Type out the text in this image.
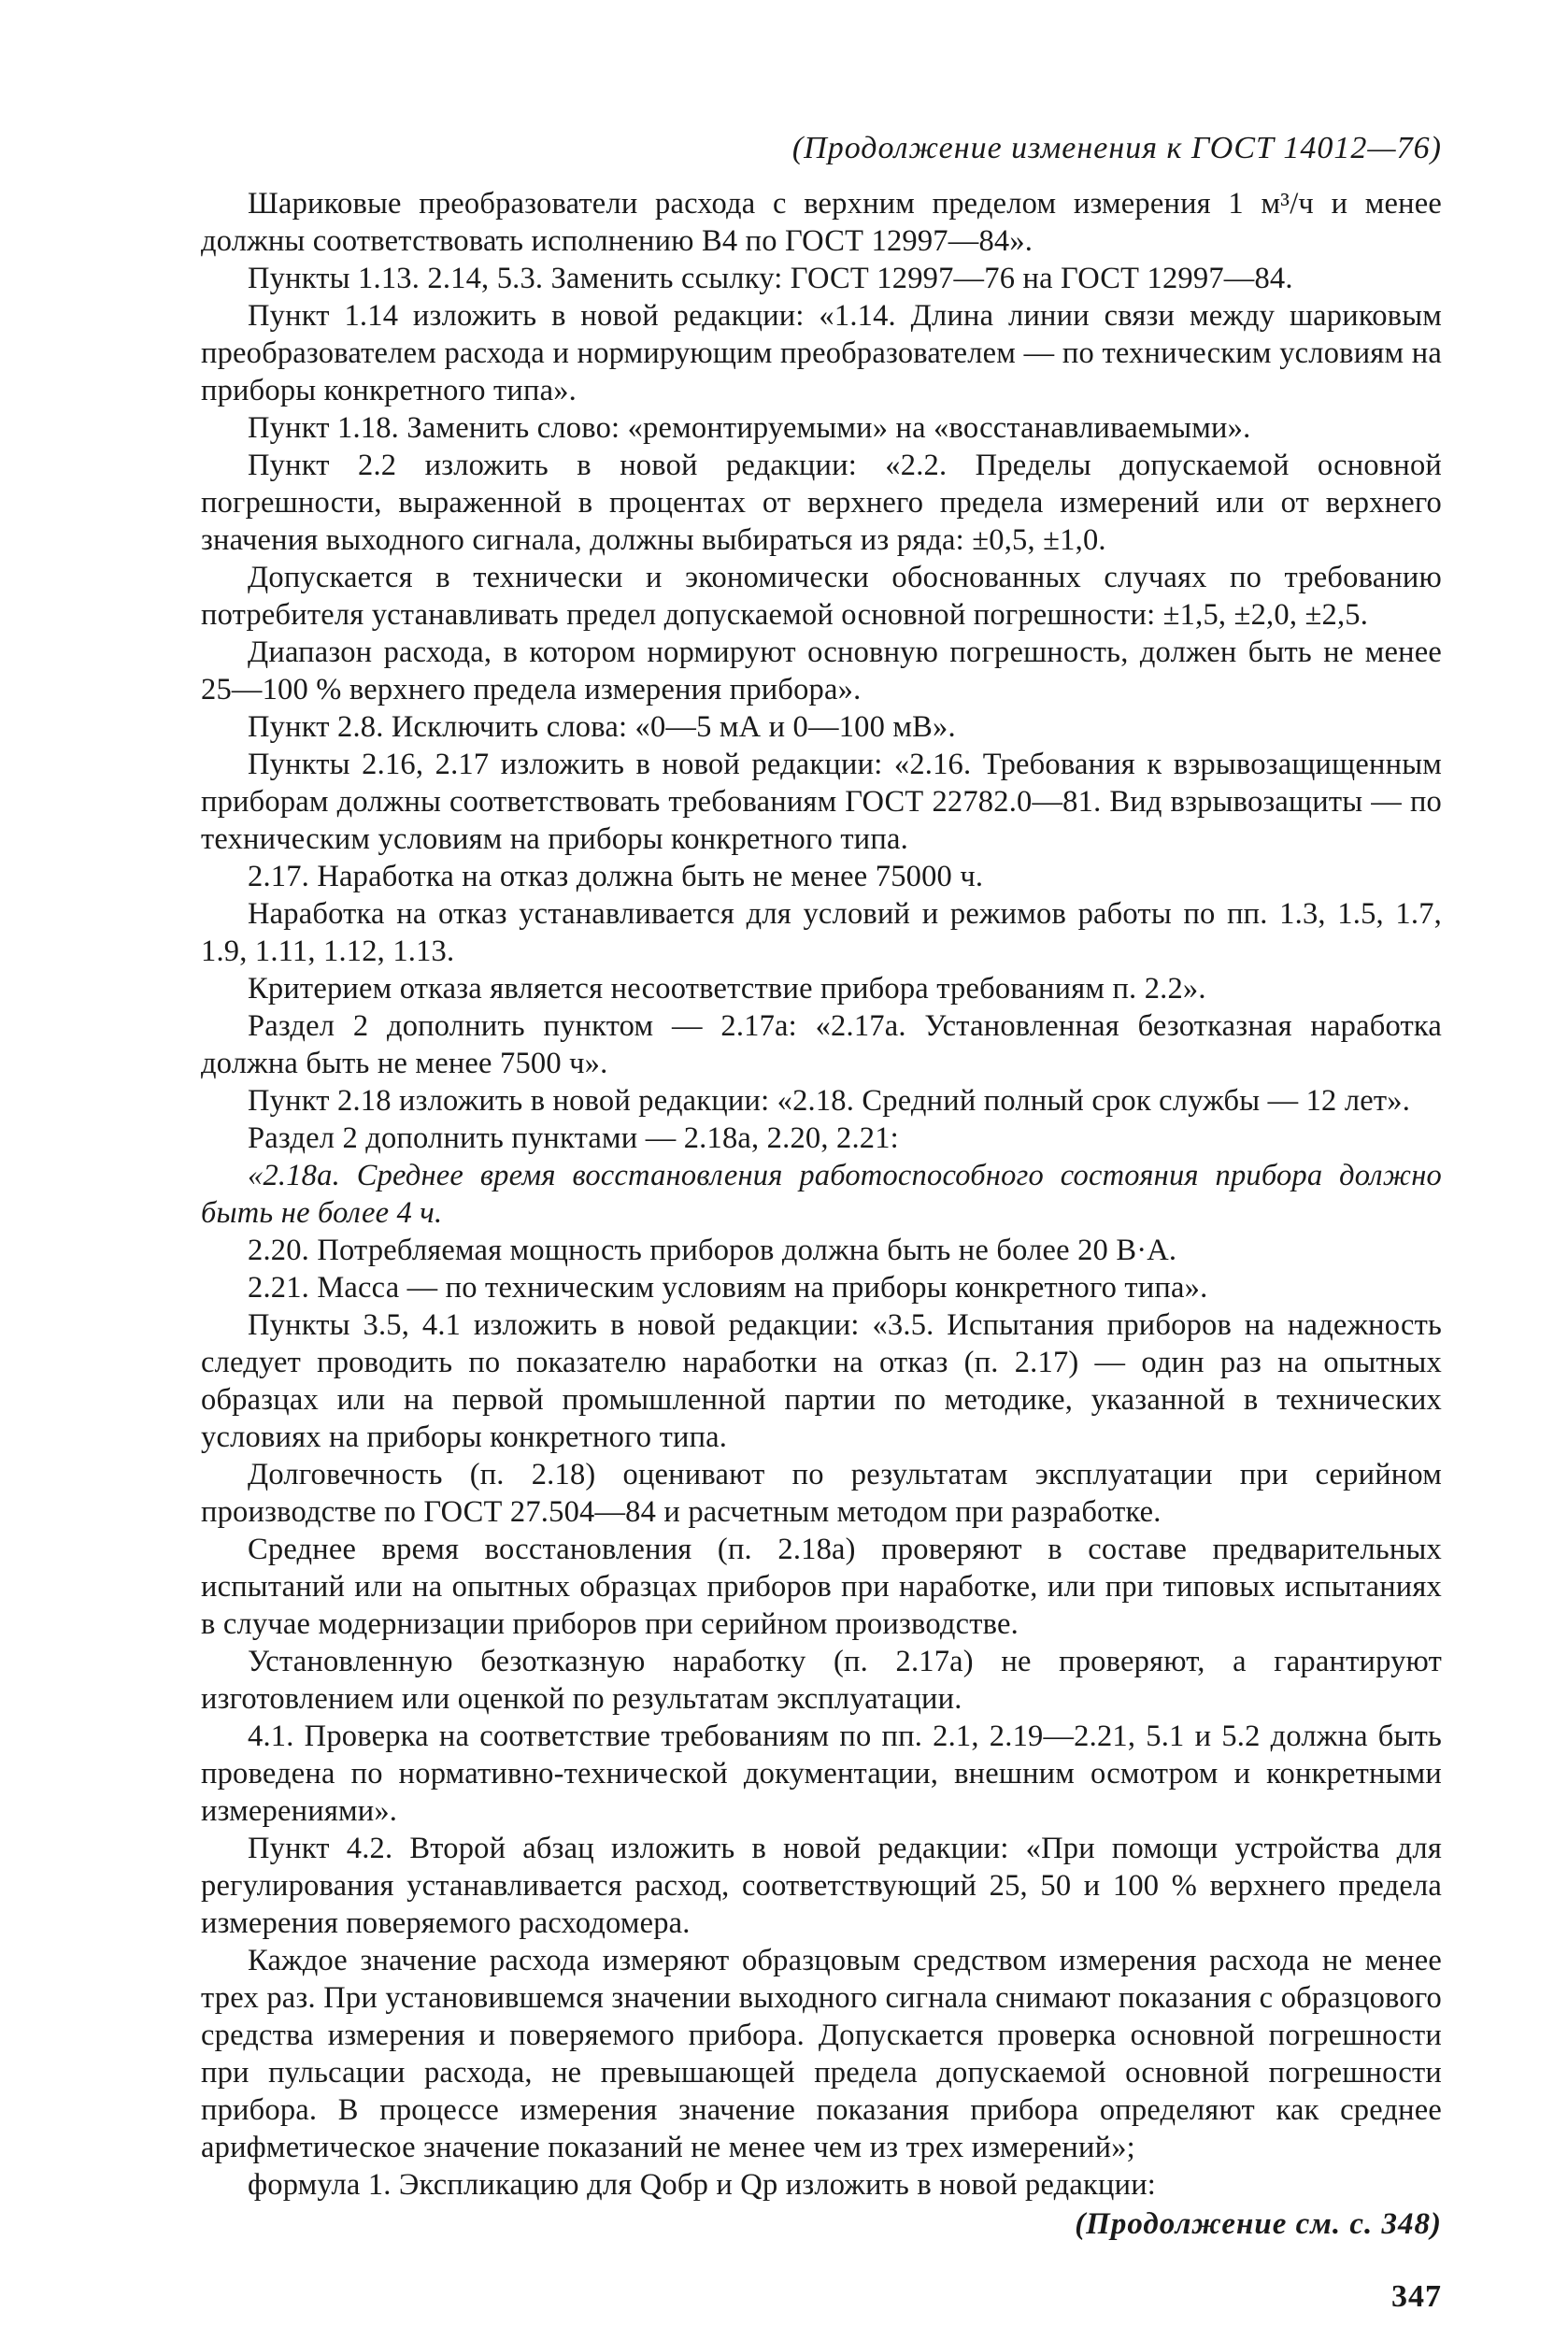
(Продолжение изменения к ГОСТ 14012—76)

Шариковые преобразователи расхода с верхним пределом измерения 1 м³/ч и менее должны соответствовать исполнению В4 по ГОСТ 12997—84».

Пункты 1.13. 2.14, 5.3. Заменить ссылку: ГОСТ 12997—76 на ГОСТ 12997—84.

Пункт 1.14 изложить в новой редакции: «1.14. Длина линии связи между шариковым преобразователем расхода и нормирующим преобразователем — по техническим условиям на приборы конкретного типа».

Пункт 1.18. Заменить слово: «ремонтируемыми» на «восстанавливаемыми».

Пункт 2.2 изложить в новой редакции: «2.2. Пределы допускаемой основной погрешности, выраженной в процентах от верхнего предела измерений или от верхнего значения выходного сигнала, должны выбираться из ряда: ±0,5, ±1,0.

Допускается в технически и экономически обоснованных случаях по требованию потребителя устанавливать предел допускаемой основной погрешности: ±1,5, ±2,0, ±2,5.

Диапазон расхода, в котором нормируют основную погрешность, должен быть не менее 25—100 % верхнего предела измерения прибора».

Пункт 2.8. Исключить слова: «0—5 мА и 0—100 мВ».

Пункты 2.16, 2.17 изложить в новой редакции: «2.16. Требования к взрывозащищенным приборам должны соответствовать требованиям ГОСТ 22782.0—81. Вид взрывозащиты — по техническим условиям на приборы конкретного типа.

2.17. Наработка на отказ должна быть не менее 75000 ч.

Наработка на отказ устанавливается для условий и режимов работы по пп. 1.3, 1.5, 1.7, 1.9, 1.11, 1.12, 1.13.

Критерием отказа является несоответствие прибора требованиям п. 2.2».

Раздел 2 дополнить пунктом — 2.17а: «2.17а. Установленная безотказная наработка должна быть не менее 7500 ч».

Пункт 2.18 изложить в новой редакции: «2.18. Средний полный срок службы — 12 лет».

Раздел 2 дополнить пунктами — 2.18а, 2.20, 2.21:

«2.18а. Среднее время восстановления работоспособного состояния прибора должно быть не более 4 ч.

2.20. Потребляемая мощность приборов должна быть не более 20 В·А.

2.21. Масса — по техническим условиям на приборы конкретного типа».

Пункты 3.5, 4.1 изложить в новой редакции: «3.5. Испытания приборов на надежность следует проводить по показателю наработки на отказ (п. 2.17) — один раз на опытных образцах или на первой промышленной партии по методике, указанной в технических условиях на приборы конкретного типа.

Долговечность (п. 2.18) оценивают по результатам эксплуатации при серийном производстве по ГОСТ 27.504—84 и расчетным методом при разработке.

Среднее время восстановления (п. 2.18а) проверяют в составе предварительных испытаний или на опытных образцах приборов при наработке, или при типовых испытаниях в случае модернизации приборов при серийном производстве.

Установленную безотказную наработку (п. 2.17а) не проверяют, а гарантируют изготовлением или оценкой по результатам эксплуатации.

4.1. Проверка на соответствие требованиям по пп. 2.1, 2.19—2.21, 5.1 и 5.2 должна быть проведена по нормативно-технической документации, внешним осмотром и конкретными измерениями».

Пункт 4.2. Второй абзац изложить в новой редакции: «При помощи устройства для регулирования устанавливается расход, соответствующий 25, 50 и 100 % верхнего предела измерения поверяемого расходомера.

Каждое значение расхода измеряют образцовым средством измерения расхода не менее трех раз. При установившемся значении выходного сигнала снимают показания с образцового средства измерения и поверяемого прибора. Допускается проверка основной погрешности при пульсации расхода, не превышающей предела допускаемой основной погрешности прибора. В процессе измерения значение показания прибора определяют как среднее арифметическое значение показаний не менее чем из трех измерений»;

формула 1. Экспликацию для Qобр и Qр изложить в новой редакции:

(Продолжение см. с. 348)
347
